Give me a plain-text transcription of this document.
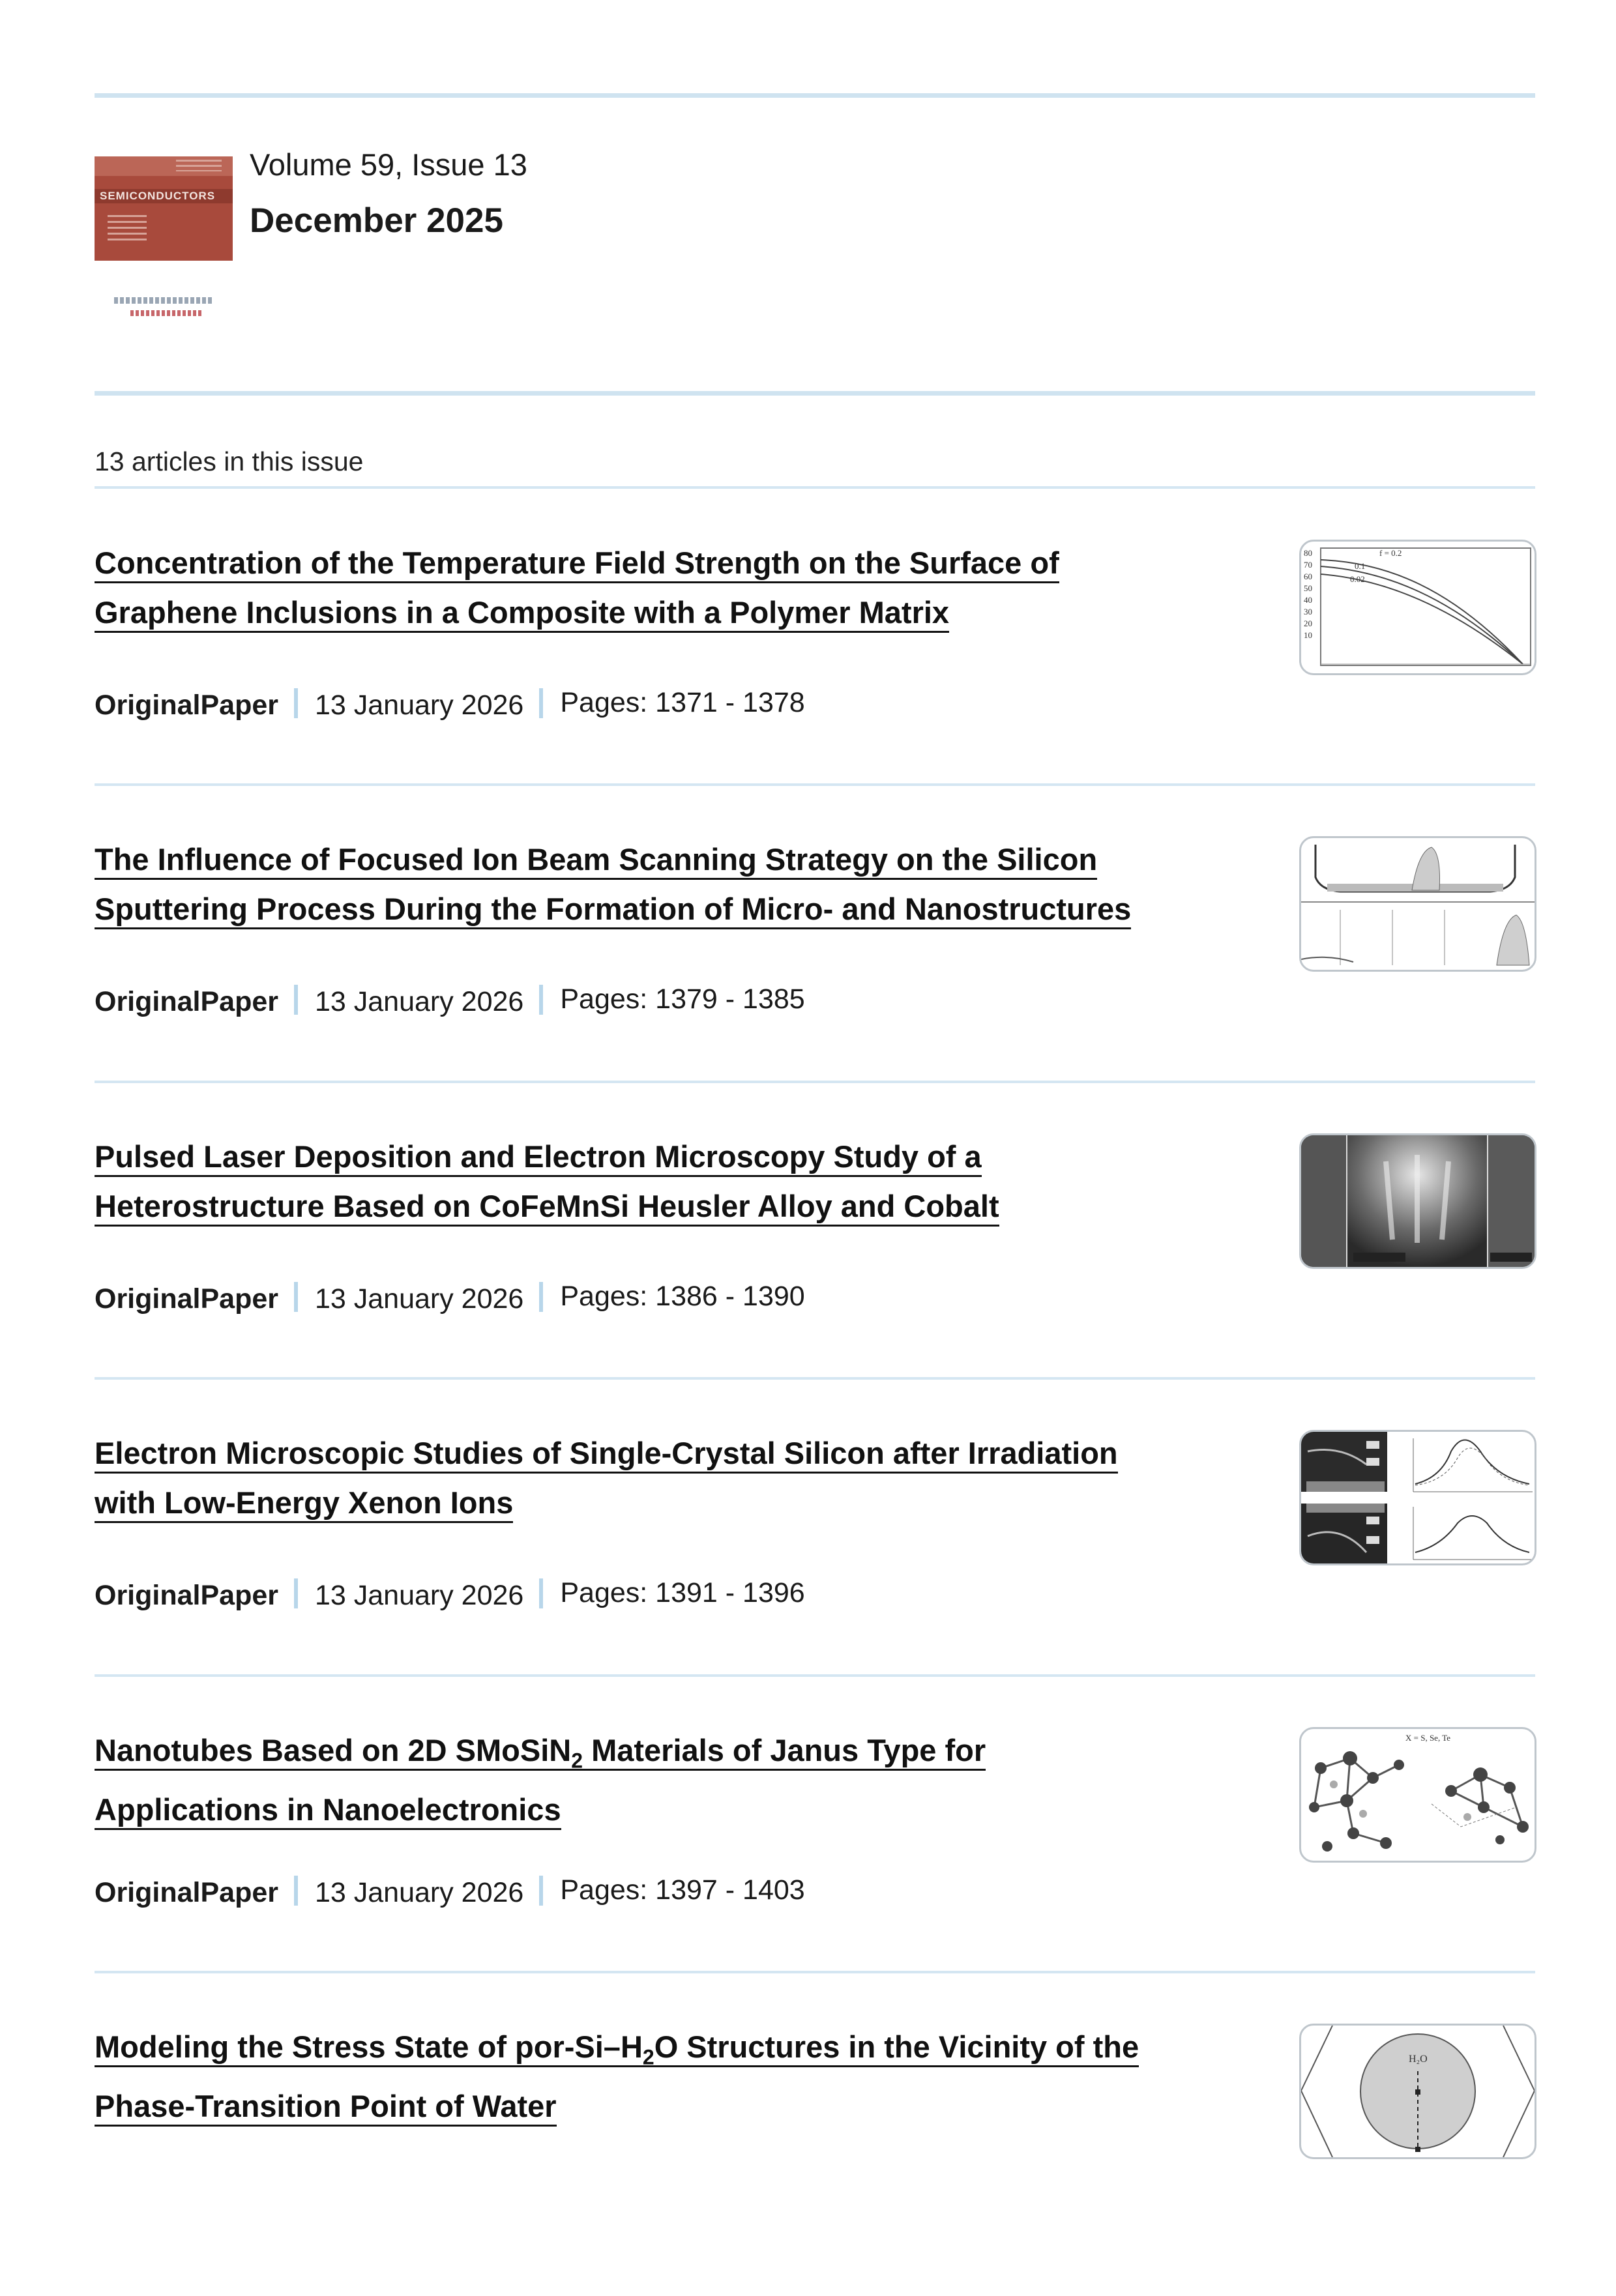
SEMICONDUCTORS
Volume 59, Issue 13
December 2025
13 articles in this issue
Concentration of the Temperature Field Strength on the Surface of
Graphene Inclusions in a Composite with a Polymer Matrix
OriginalPaper 13 January 2026 Pages: 1371 - 1378
80
70
60
50
40
30
20
10
f = 0.2
0.1
0.02
The Influence of Focused Ion Beam Scanning Strategy on the Silicon
Sputtering Process During the Formation of Micro- and Nanostructures
OriginalPaper 13 January 2026 Pages: 1379 - 1385
Pulsed Laser Deposition and Electron Microscopy Study of a
Heterostructure Based on CoFeMnSi Heusler Alloy and Cobalt
OriginalPaper 13 January 2026 Pages: 1386 - 1390
Electron Microscopic Studies of Single-Crystal Silicon after Irradiation
with Low-Energy Xenon Ions
OriginalPaper 13 January 2026 Pages: 1391 - 1396
Nanotubes Based on 2D SMoSiN$_2$ Materials of Janus Type for
Applications in Nanoelectronics
OriginalPaper 13 January 2026 Pages: 1397 - 1403
X = S, Se, Te
Modeling the Stress State of por-$Si-H_2O$ Structures in the Vicinity of the
Phase-Transition Point of Water
H₂O
